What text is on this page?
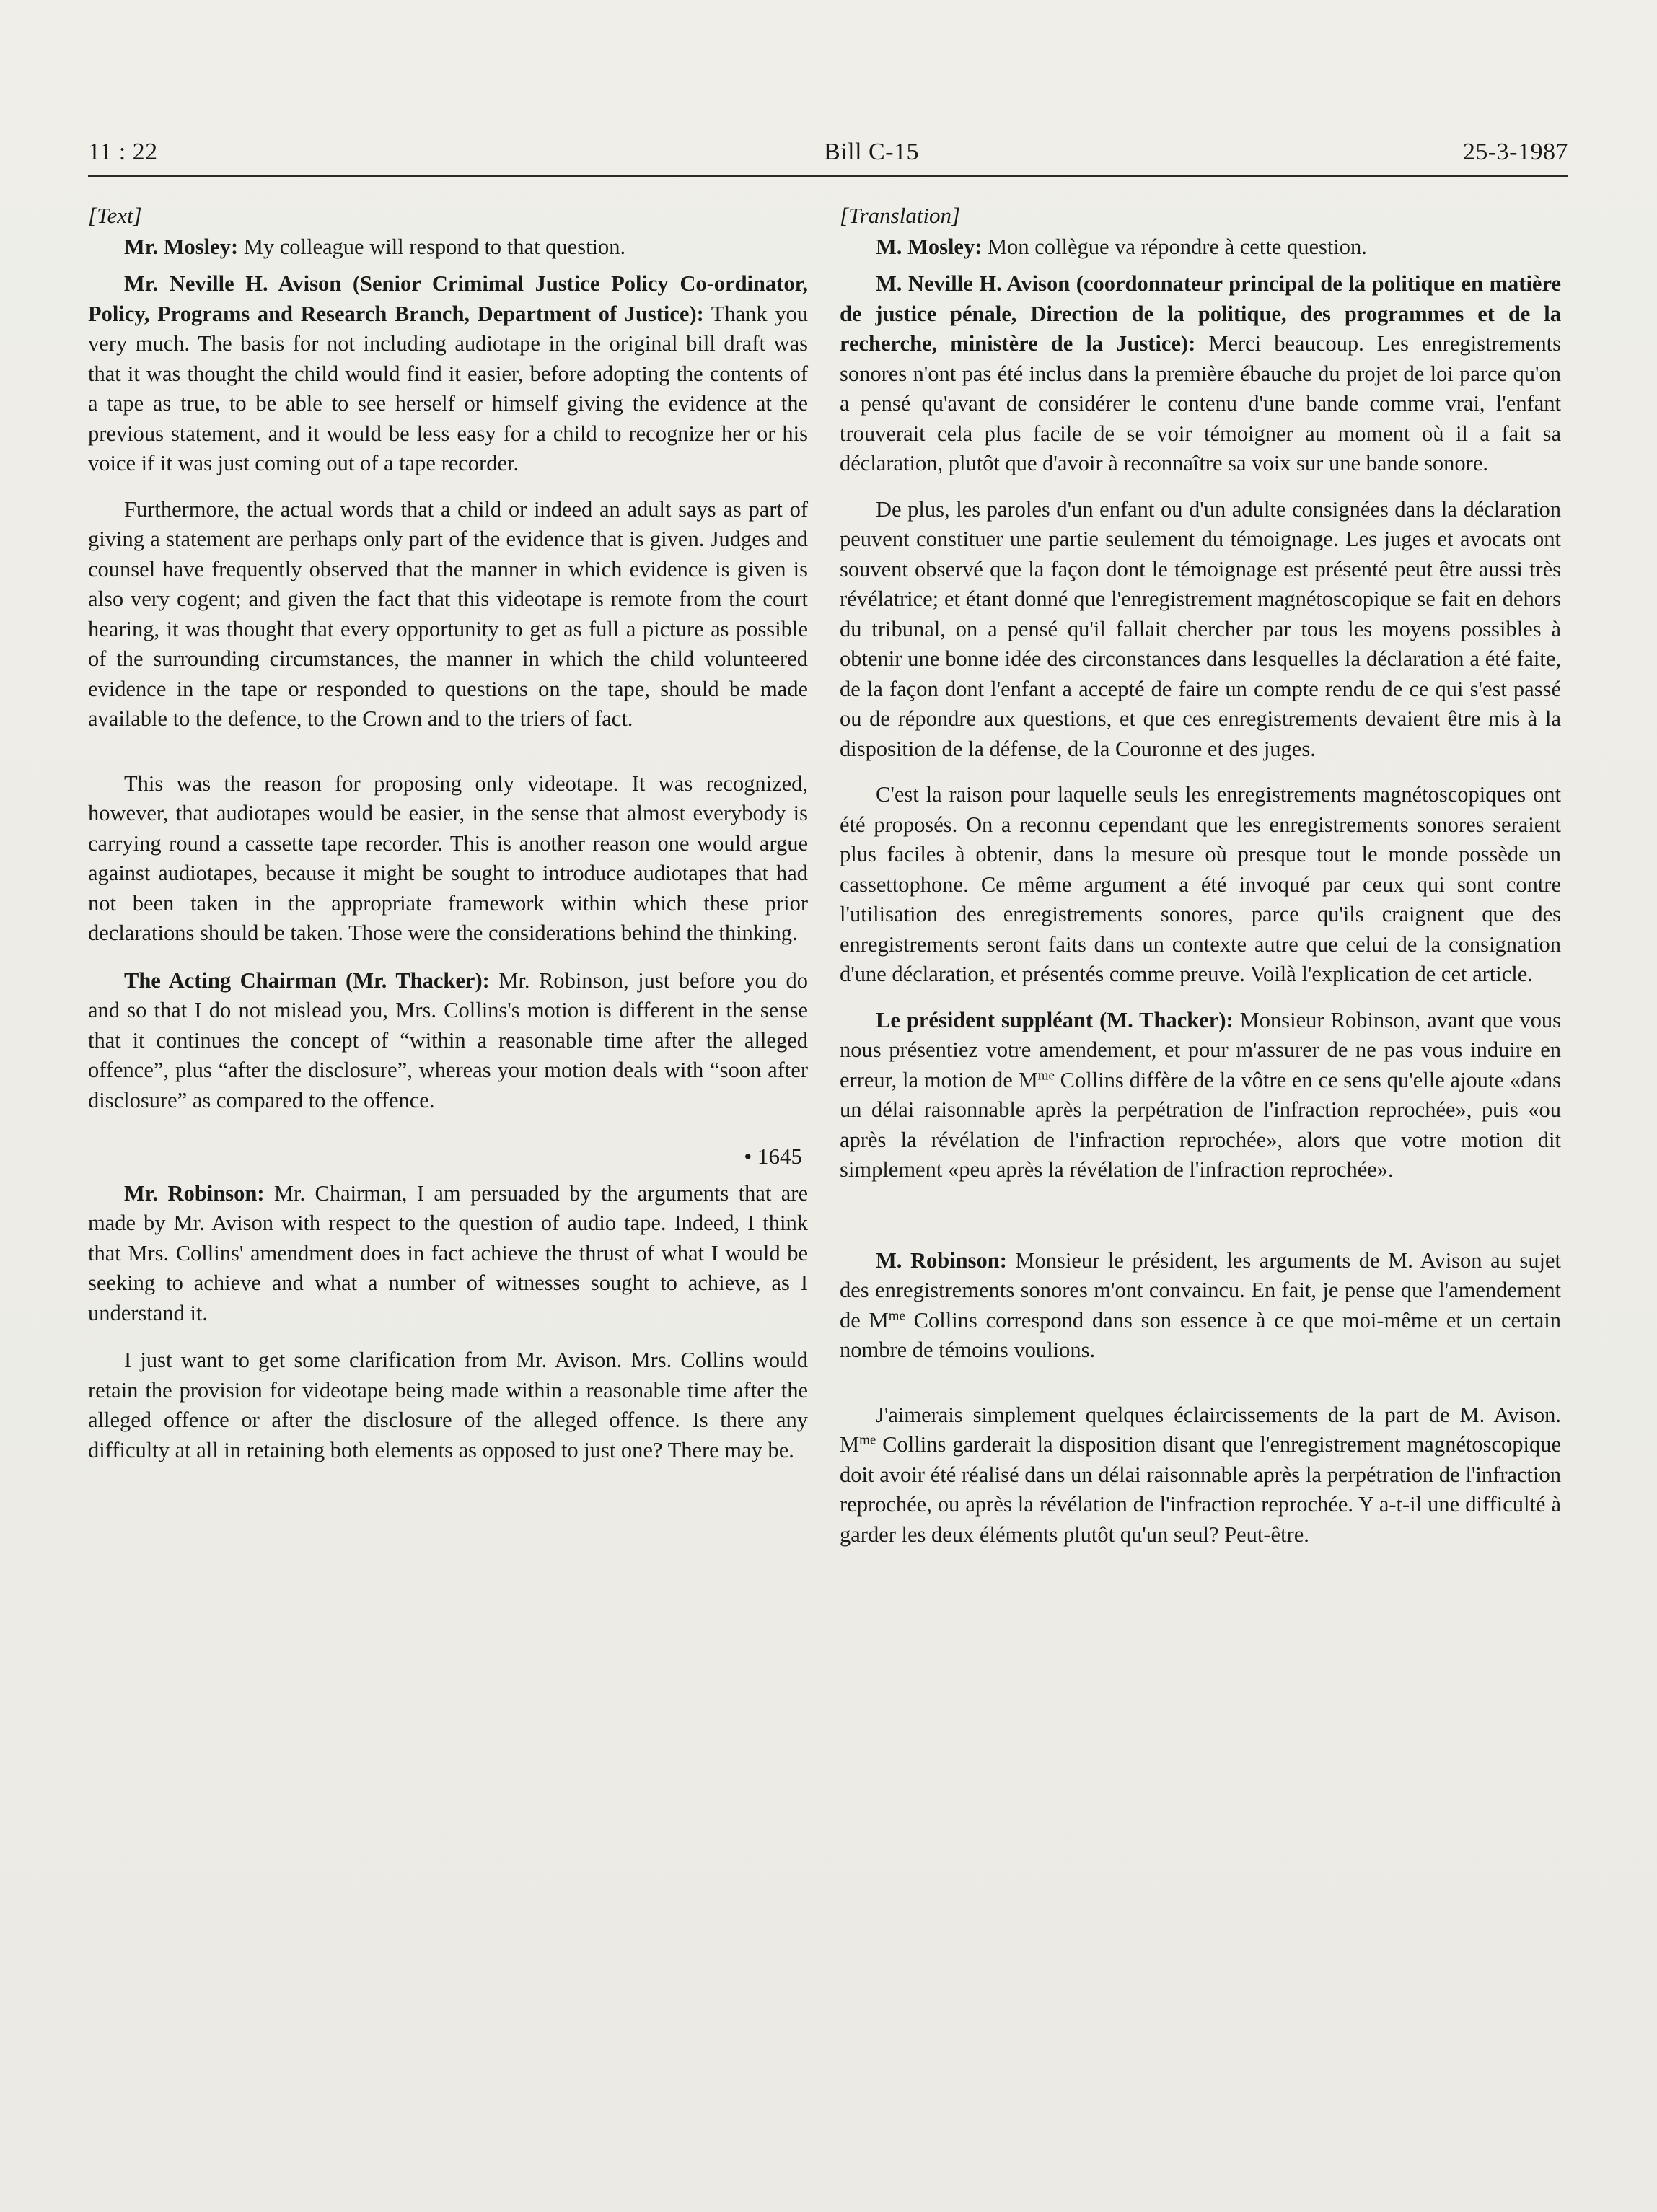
11 : 22	Bill C-15	25-3-1987
[Text]

Mr. Mosley: My colleague will respond to that question.

Mr. Neville H. Avison (Senior Crimimal Justice Policy Co-ordinator, Policy, Programs and Research Branch, Department of Justice): Thank you very much. The basis for not including audiotape in the original bill draft was that it was thought the child would find it easier, before adopting the contents of a tape as true, to be able to see herself or himself giving the evidence at the previous statement, and it would be less easy for a child to recognize her or his voice if it was just coming out of a tape recorder.

Furthermore, the actual words that a child or indeed an adult says as part of giving a statement are perhaps only part of the evidence that is given. Judges and counsel have frequently observed that the manner in which evidence is given is also very cogent; and given the fact that this videotape is remote from the court hearing, it was thought that every opportunity to get as full a picture as possible of the surrounding circumstances, the manner in which the child volunteered evidence in the tape or responded to questions on the tape, should be made available to the defence, to the Crown and to the triers of fact.

This was the reason for proposing only videotape. It was recognized, however, that audiotapes would be easier, in the sense that almost everybody is carrying round a cassette tape recorder. This is another reason one would argue against audiotapes, because it might be sought to introduce audiotapes that had not been taken in the appropriate framework within which these prior declarations should be taken. Those were the considerations behind the thinking.

The Acting Chairman (Mr. Thacker): Mr. Robinson, just before you do and so that I do not mislead you, Mrs. Collins's motion is different in the sense that it continues the concept of “within a reasonable time after the alleged offence”, plus “after the disclosure”, whereas your motion deals with “soon after disclosure” as compared to the offence.

• 1645

Mr. Robinson: Mr. Chairman, I am persuaded by the arguments that are made by Mr. Avison with respect to the question of audio tape. Indeed, I think that Mrs. Collins' amendment does in fact achieve the thrust of what I would be seeking to achieve and what a number of witnesses sought to achieve, as I understand it.

I just want to get some clarification from Mr. Avison. Mrs. Collins would retain the provision for videotape being made within a reasonable time after the alleged offence or after the disclosure of the alleged offence. Is there any difficulty at all in retaining both elements as opposed to just one? There may be.

[Translation]

M. Mosley: Mon collègue va répondre à cette question.

M. Neville H. Avison (coordonnateur principal de la politique en matière de justice pénale, Direction de la politique, des programmes et de la recherche, ministère de la Justice): Merci beaucoup. Les enregistrements sonores n'ont pas été inclus dans la première ébauche du projet de loi parce qu'on a pensé qu'avant de considérer le contenu d'une bande comme vrai, l'enfant trouverait cela plus facile de se voir témoigner au moment où il a fait sa déclaration, plutôt que d'avoir à reconnaître sa voix sur une bande sonore.

De plus, les paroles d'un enfant ou d'un adulte consignées dans la déclaration peuvent constituer une partie seulement du témoignage. Les juges et avocats ont souvent observé que la façon dont le témoignage est présenté peut être aussi très révélatrice; et étant donné que l'enregistrement magnétoscopique se fait en dehors du tribunal, on a pensé qu'il fallait chercher par tous les moyens possibles à obtenir une bonne idée des circonstances dans lesquelles la déclaration a été faite, de la façon dont l'enfant a accepté de faire un compte rendu de ce qui s'est passé ou de répondre aux questions, et que ces enregistrements devaient être mis à la disposition de la défense, de la Couronne et des juges.

C'est la raison pour laquelle seuls les enregistrements magnétoscopiques ont été proposés. On a reconnu cependant que les enregistrements sonores seraient plus faciles à obtenir, dans la mesure où presque tout le monde possède un cassettophone. Ce même argument a été invoqué par ceux qui sont contre l'utilisation des enregistrements sonores, parce qu'ils craignent que des enregistrements seront faits dans un contexte autre que celui de la consignation d'une déclaration, et présentés comme preuve. Voilà l'explication de cet article.

Le président suppléant (M. Thacker): Monsieur Robinson, avant que vous nous présentiez votre amendement, et pour m'assurer de ne pas vous induire en erreur, la motion de $M^{me}$ Collins diffère de la vôtre en ce sens qu'elle ajoute «dans un délai raisonnable après la perpétration de l'infraction reprochée», puis «ou après la révélation de l'infraction reprochée», alors que votre motion dit simplement «peu après la révélation de l'infraction reprochée».

M. Robinson: Monsieur le président, les arguments de M. Avison au sujet des enregistrements sonores m'ont convaincu. En fait, je pense que l'amendement de $M^{me}$ Collins correspond dans son essence à ce que moi-même et un certain nombre de témoins voulions.

J'aimerais simplement quelques éclaircissements de la part de M. Avison. $M^{me}$ Collins garderait la disposition disant que l'enregistrement magnétoscopique doit avoir été réalisé dans un délai raisonnable après la perpétration de l'infraction reprochée, ou après la révélation de l'infraction reprochée. Y a-t-il une difficulté à garder les deux éléments plutôt qu'un seul? Peut-être.
